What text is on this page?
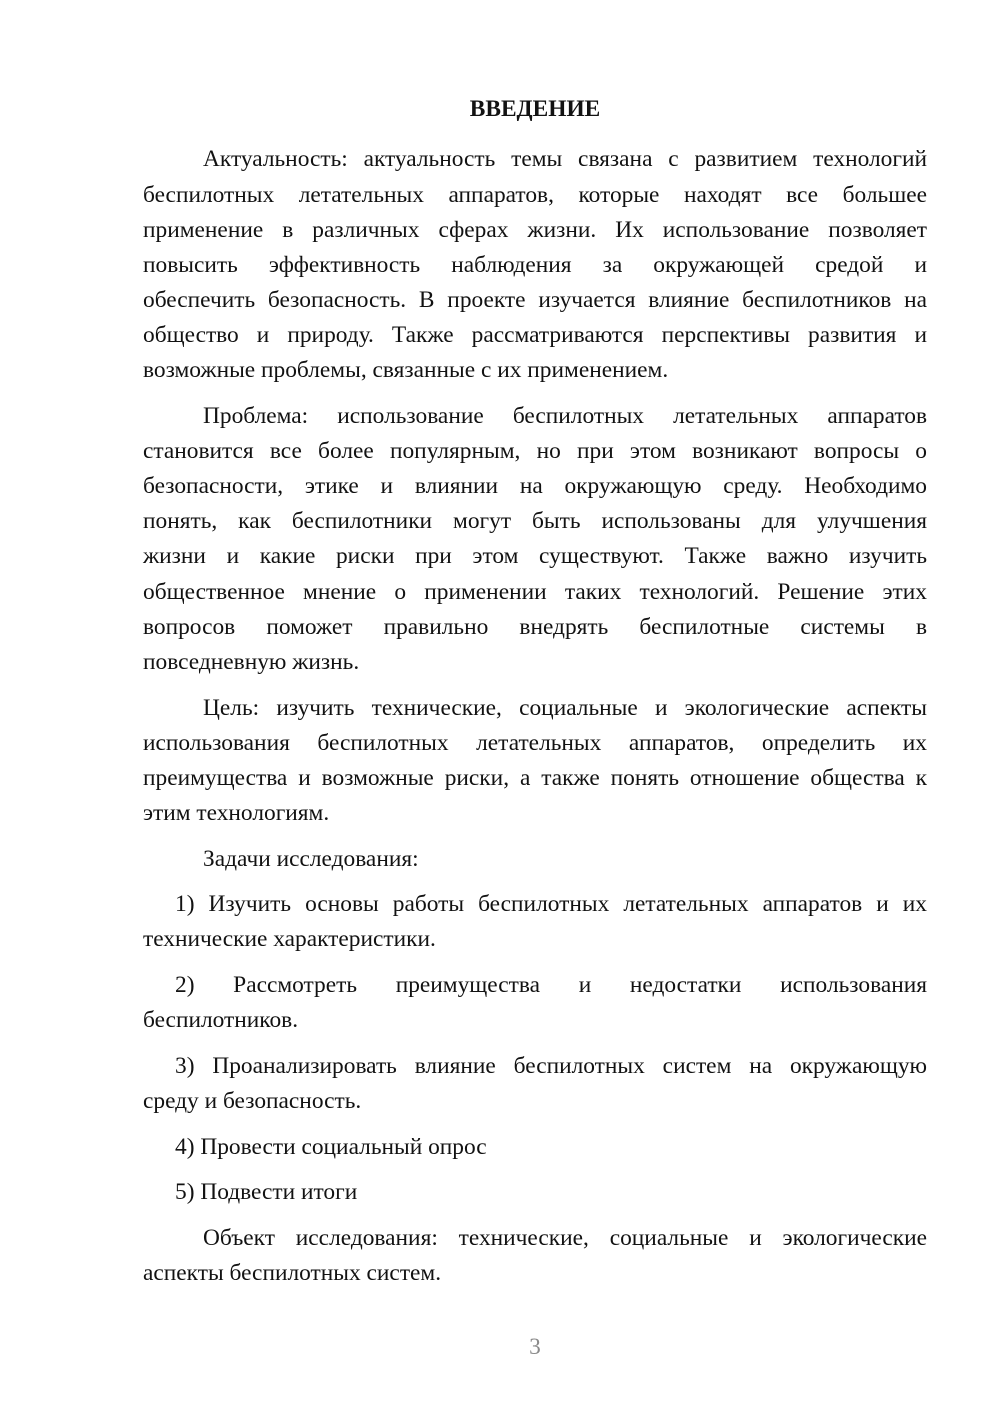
ВВЕДЕНИЕ
Актуальность: актуальность темы связана с развитием технологий
беспилотных летательных аппаратов, которые находят все большее
применение в различных сферах жизни. Их использование позволяет
повысить эффективность наблюдения за окружающей средой и
обеспечить безопасность. В проекте изучается влияние беспилотников на
общество и природу. Также рассматриваются перспективы развития и
возможные проблемы, связанные с их применением.
Проблема: использование беспилотных летательных аппаратов
становится все более популярным, но при этом возникают вопросы о
безопасности, этике и влиянии на окружающую среду. Необходимо
понять, как беспилотники могут быть использованы для улучшения
жизни и какие риски при этом существуют. Также важно изучить
общественное мнение о применении таких технологий. Решение этих
вопросов поможет правильно внедрять беспилотные системы в
повседневную жизнь.
Цель: изучить технические, социальные и экологические аспекты
использования беспилотных летательных аппаратов, определить их
преимущества и возможные риски, а также понять отношение общества к
этим технологиям.
Задачи исследования:
1) Изучить основы работы беспилотных летательных аппаратов и их
технические характеристики.
2) Рассмотреть преимущества и недостатки использования
беспилотников.
3) Проанализировать влияние беспилотных систем на окружающую
среду и безопасность.
4) Провести социальный опрос
5) Подвести итоги
Объект исследования: технические, социальные и экологические
аспекты беспилотных систем.
3
